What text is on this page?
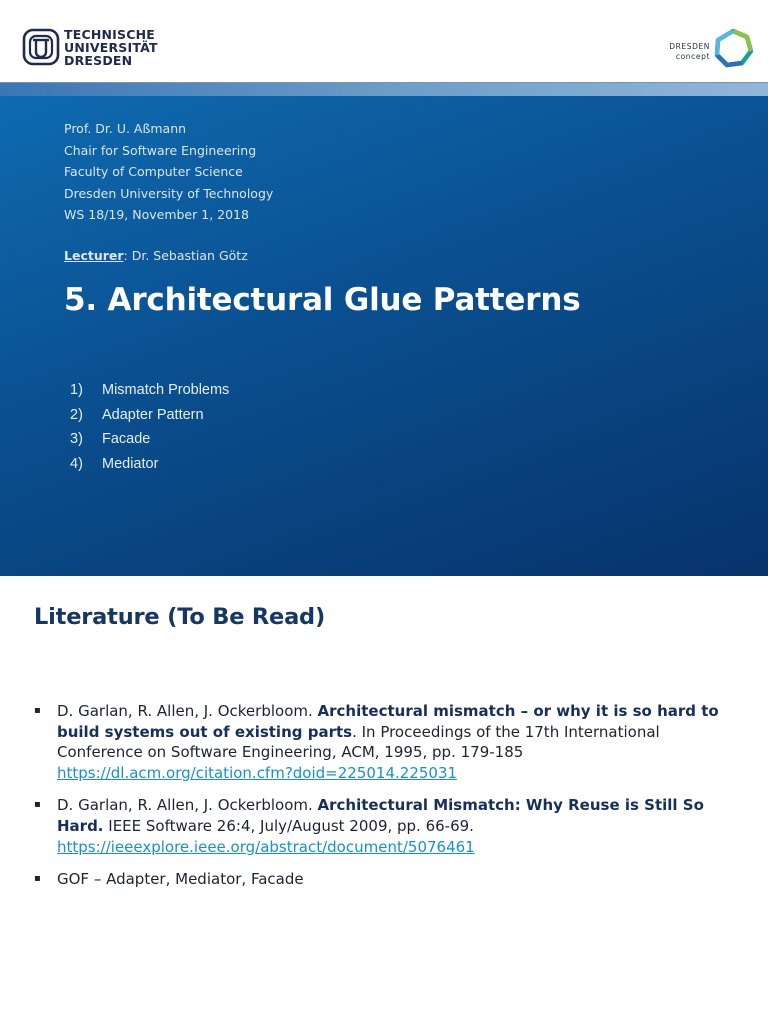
TECHNISCHE
UNIVERSITÄT
DRESDEN
DRESDEN
concept
Prof. Dr. U. Aßmann
Chair for Software Engineering
Faculty of Computer Science
Dresden University of Technology
WS 18/19, November 1, 2018
Lecturer: Dr. Sebastian Götz
5. Architectural Glue Patterns
1) Mismatch Problems
2) Adapter Pattern
3) Facade
4) Mediator
Literature (To Be Read)
▪ D. Garlan, R. Allen, J. Ockerbloom. Architectural mismatch – or why it is so hard to build systems out of existing parts. In Proceedings of the 17th International Conference on Software Engineering, ACM, 1995, pp. 179-185
https://dl.acm.org/citation.cfm?doid=225014.225031
▪ D. Garlan, R. Allen, J. Ockerbloom. Architectural Mismatch: Why Reuse is Still So Hard. IEEE Software 26:4, July/August 2009, pp. 66-69.
https://ieeexplore.ieee.org/abstract/document/5076461
▪ GOF – Adapter, Mediator, Facade
